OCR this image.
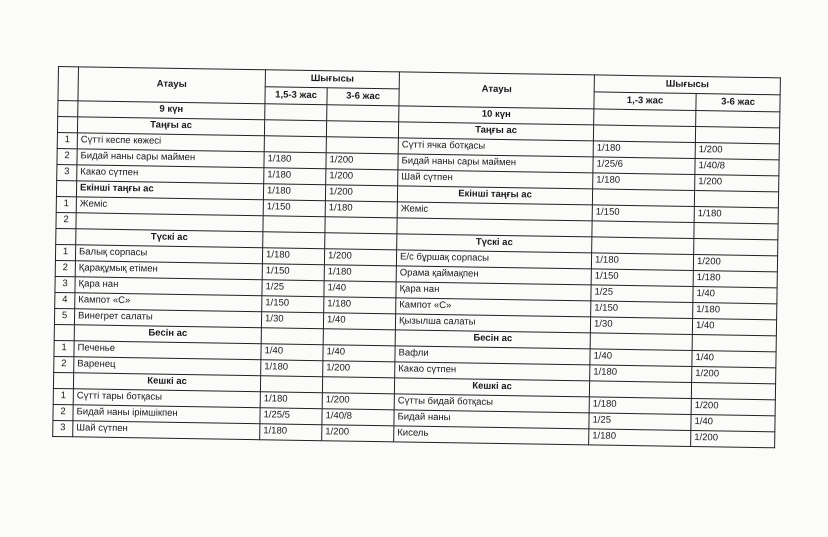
	Атауы	Шығысы		Атауы	Шығысы	
		1,5-3 жас	3-6 жас		1,-3 жас	3-6 жас
	9 күн			10 күн		
	Таңғы ас			Таңғы ас		
1	Сүтті кеспе көжесі			Сүтті ячка ботқасы	1/180	1/200
2	Бидай наны сары маймен	1/180	1/200	Бидай наны сары маймен	1/25/6	1/40/8
3	Какао сүтпен	1/180	1/200	Шай сүтпен	1/180	1/200
	Екінші таңғы ас	1/180	1/200	Екінші таңғы ас		
1	Жеміс	1/150	1/180	Жеміс	1/150	1/180
2						
	Түскі ас			Түскі ас		
1	Балық сорпасы	1/180	1/200	Е/с бұршақ сорпасы	1/180	1/200
2	Қарақұмық етімен	1/150	1/180	Орама қаймақпен	1/150	1/180
3	Қара нан	1/25	1/40	Қара нан	1/25	1/40
4	Кампот «С»	1/150	1/180	Кампот «С»	1/150	1/180
5	Винегрет салаты	1/30	1/40	Қызылша салаты	1/30	1/40
	Бесін ас			Бесін ас		
1	Печенье	1/40	1/40	Вафли	1/40	1/40
2	Варенец	1/180	1/200	Какао сүтпен	1/180	1/200
	Кешкі ас			Кешкі ас		
1	Сүтті тары ботқасы	1/180	1/200	Сүтты бидай ботқасы	1/180	1/200
2	Бидай наны ірімшікпен	1/25/5	1/40/8	Бидай наны	1/25	1/40
3	Шай сүтпен	1/180	1/200	Кисель	1/180	1/200
